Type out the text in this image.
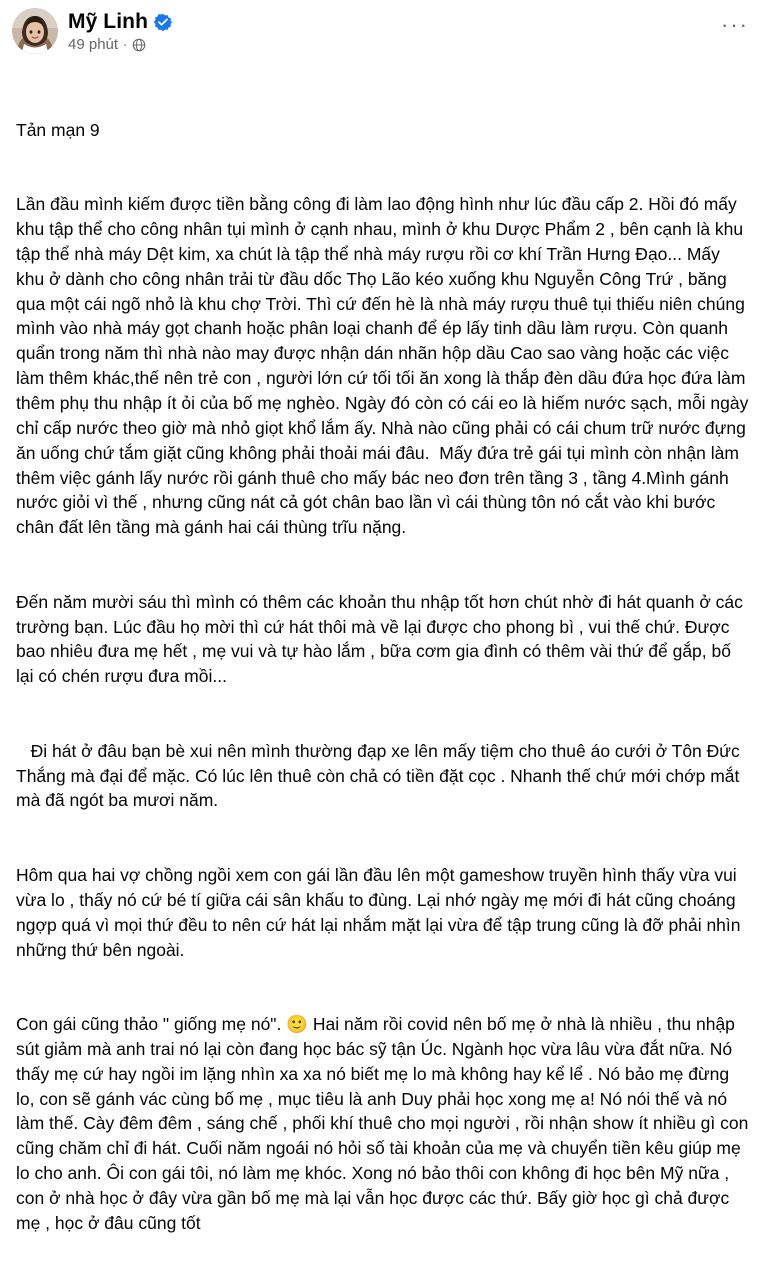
Mỹ Linh
49 phút ·
···

Tản mạn 9

Lần đầu mình kiếm được tiền bằng công đi làm lao động hình như lúc đầu cấp 2. Hồi đó mấy khu tập thể cho công nhân tụi mình ở cạnh nhau, mình ở khu Dược Phẩm 2 , bên cạnh là khu tập thể nhà máy Dệt kim, xa chút là tập thể nhà máy rượu rồi cơ khí Trần Hưng Đạo... Mấy khu ở dành cho công nhân trải từ đầu dốc Thọ Lão kéo xuống khu Nguyễn Công Trứ , băng qua một cái ngõ nhỏ là khu chợ Trời. Thì cứ đến hè là nhà máy rượu thuê tụi thiếu niên chúng mình vào nhà máy gọt chanh hoặc phân loại chanh để ép lấy tinh dầu làm rượu. Còn quanh quẩn trong năm thì nhà nào may được nhận dán nhãn hộp dầu Cao sao vàng hoặc các việc làm thêm khác,thế nên trẻ con , người lớn cứ tối tối ăn xong là thắp đèn dầu đứa học đứa làm thêm phụ thu nhập ít ỏi của bố mẹ nghèo. Ngày đó còn có cái eo là hiếm nước sạch, mỗi ngày chỉ cấp nước theo giờ mà nhỏ giọt khổ lắm ấy. Nhà nào cũng phải có cái chum trữ nước đựng ăn uống chứ tắm giặt cũng không phải thoải mái đâu.  Mấy đứa trẻ gái tụi mình còn nhận làm thêm việc gánh lấy nước rồi gánh thuê cho mấy bác neo đơn trên tầng 3 , tầng 4.Mình gánh nước giỏi vì thế , nhưng cũng nát cả gót chân bao lần vì cái thùng tôn nó cắt vào khi bước chân đất lên tầng mà gánh hai cái thùng trĩu nặng.

Đến năm mười sáu thì mình có thêm các khoản thu nhập tốt hơn chút nhờ đi hát quanh ở các trường bạn. Lúc đầu họ mời thì cứ hát thôi mà về lại được cho phong bì , vui thế chứ. Được bao nhiêu đưa mẹ hết , mẹ vui và tự hào lắm , bữa cơm gia đình có thêm vài thứ để gắp, bố lại có chén rượu đưa mồi...

Đi hát ở đâu bạn bè xui nên mình thường đạp xe lên mấy tiệm cho thuê áo cưới ở Tôn Đức Thắng mà đại để mặc. Có lúc lên thuê còn chả có tiền đặt cọc . Nhanh thế chứ mới chớp mắt mà đã ngót ba mươi năm.

Hôm qua hai vợ chồng ngồi xem con gái lần đầu lên một gameshow truyền hình thấy vừa vui vừa lo , thấy nó cứ bé tí giữa cái sân khấu to đùng. Lại nhớ ngày mẹ mới đi hát cũng choáng ngợp quá vì mọi thứ đều to nên cứ hát lại nhắm mặt lại vừa để tập trung cũng là đỡ phải nhìn những thứ bên ngoài.

Con gái cũng thảo " giống mẹ nó". 🙂 Hai năm rồi covid nên bố mẹ ở nhà là nhiều , thu nhập sút giảm mà anh trai nó lại còn đang học bác sỹ tận Úc. Ngành học vừa lâu vừa đắt nữa. Nó thấy mẹ cứ hay ngồi im lặng nhìn xa xa nó biết mẹ lo mà không hay kể lể . Nó bảo mẹ đừng lo, con sẽ gánh vác cùng bố mẹ , mục tiêu là anh Duy phải học xong mẹ a! Nó nói thế và nó làm thế. Cày đêm đêm , sáng chế , phối khí thuê cho mọi người , rồi nhận show ít nhiều gì con cũng chăm chỉ đi hát. Cuối năm ngoái nó hỏi số tài khoản của mẹ và chuyển tiền kêu giúp mẹ lo cho anh. Ôi con gái tôi, nó làm mẹ khóc. Xong nó bảo thôi con không đi học bên Mỹ nữa , con ở nhà học ở đây vừa gần bố mẹ mà lại vẫn học được các thứ. Bấy giờ học gì chả được mẹ , học ở đâu cũng tốt
